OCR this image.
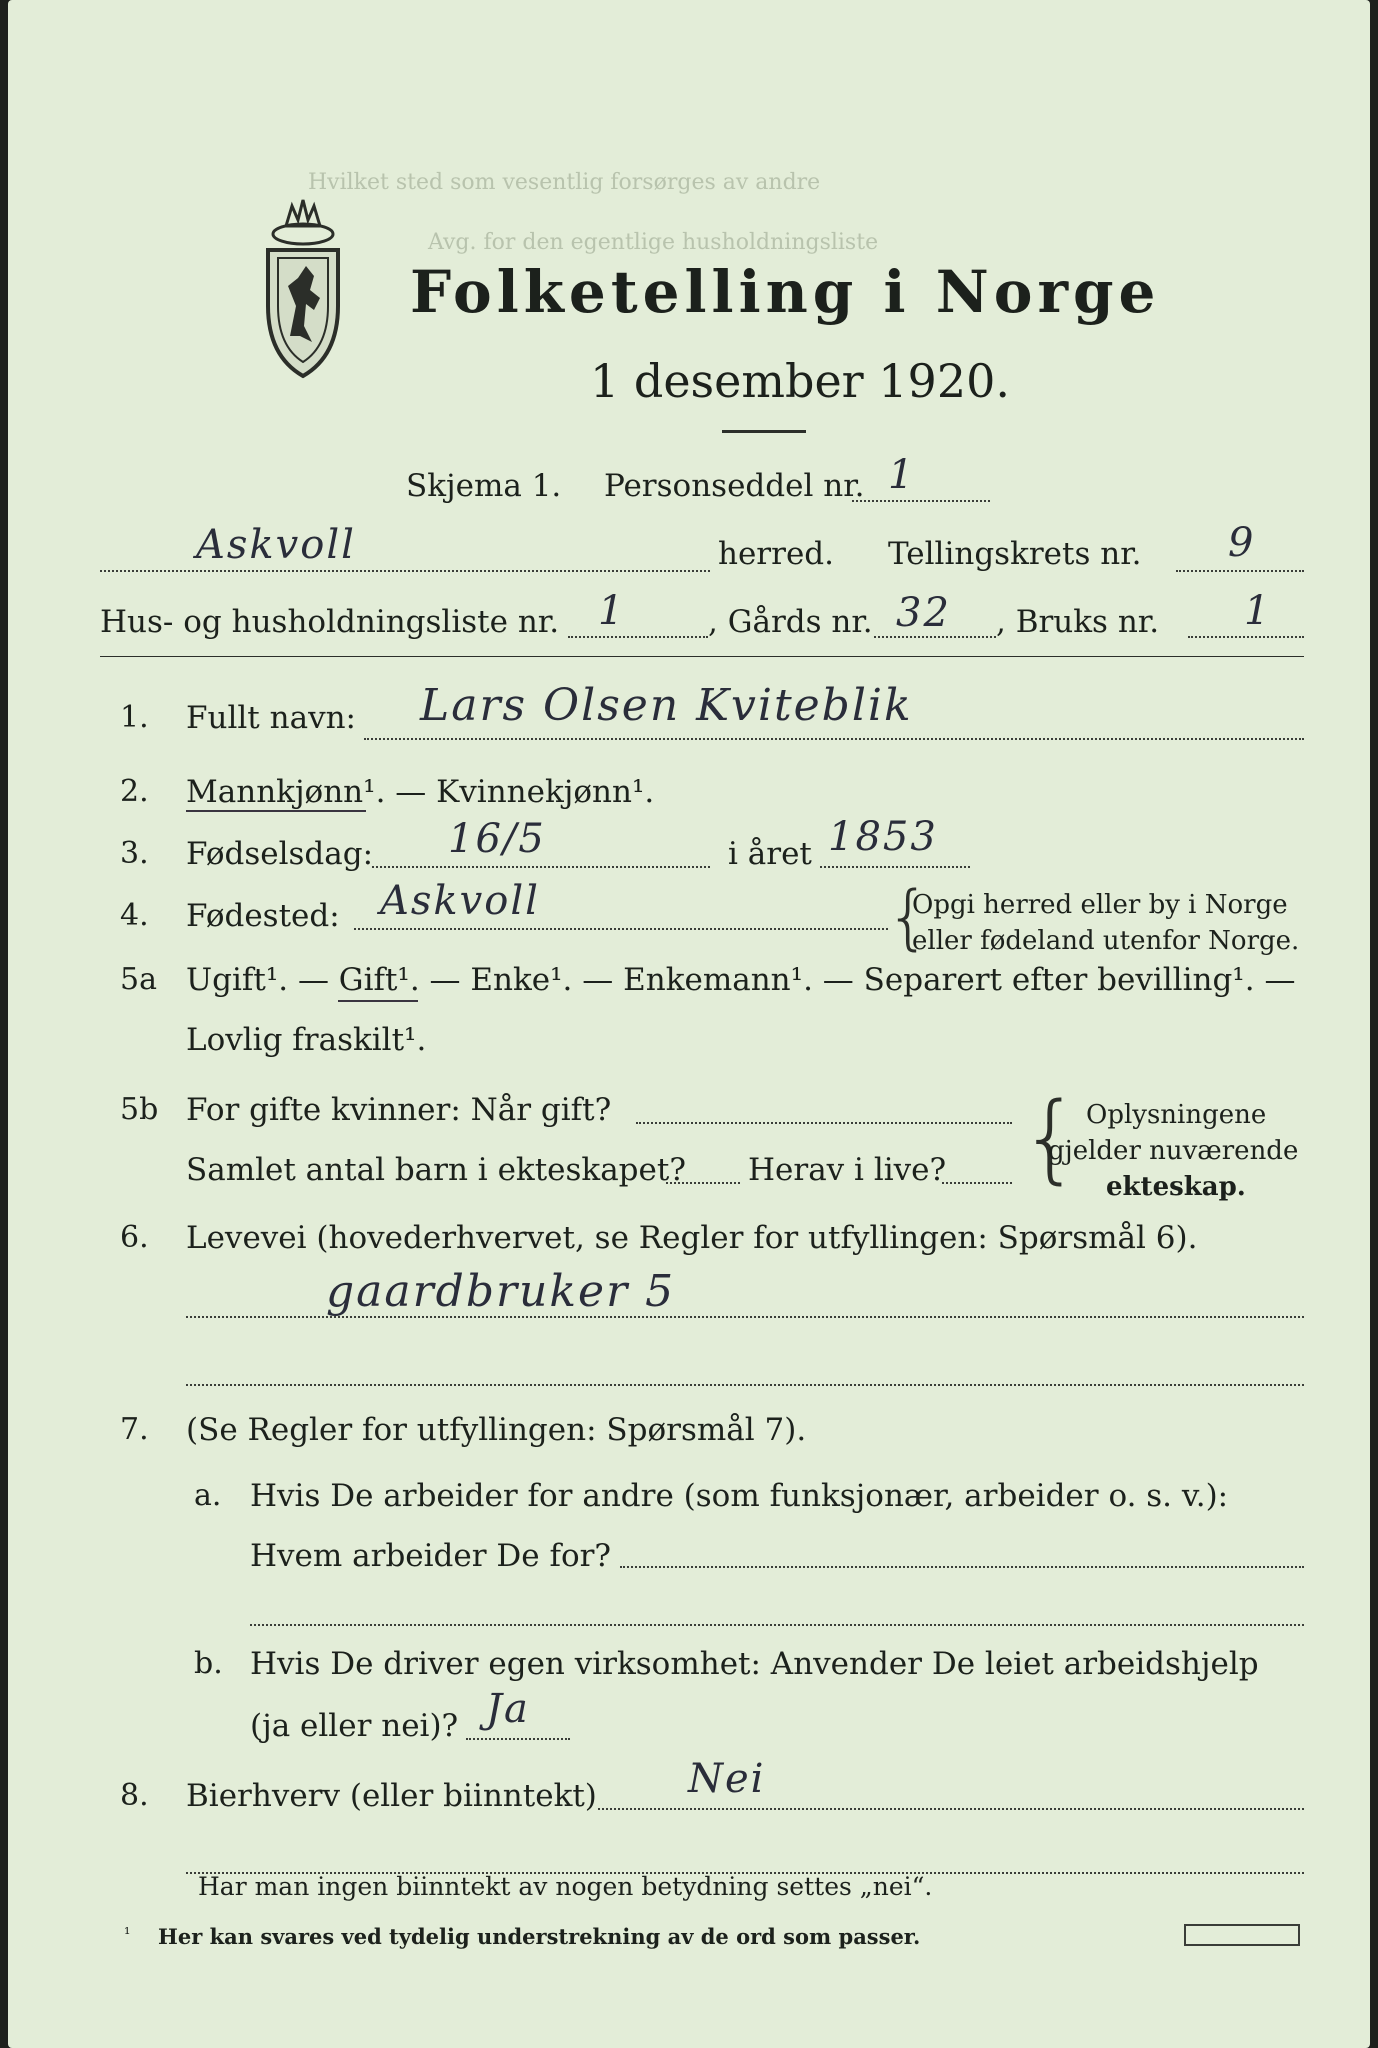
Hvilket sted som vesentlig forsørges av andre
Avg. for den egentlige husholdningsliste
Folketelling i Norge
1 desember 1920.
Skjema 1. Personseddel nr. 1
Askvoll	herred. Tellingskrets nr. 9
Hus- og husholdningsliste nr. 1	, Gårds nr. 32 , Bruks nr. 1
1. Fullt navn: Lars Olsen Kviteblik
2. Mannkjønn¹. — Kvinnekjønn¹.
3. Fødselsdag: 16/5	i året 1853
4. Fødested: Askvoll	{
Opgi herred eller by i Norge
eller fødeland utenfor Norge.
5a Ugift¹. — Gift¹. — Enke¹. — Enkemann¹. — Separert efter bevilling¹. —
Lovlig fraskilt¹.
5b For gifte kvinner: Når gift?
Samlet antal barn i ekteskapet? Herav i live? { Oplysningene
gjelder nuværende
ekteskap.
6. Levevei (hovederhvervet, se Regler for utfyllingen: Spørsmål 6).
gaardbruker 5
7. (Se Regler for utfyllingen: Spørsmål 7).
a. Hvis De arbeider for andre (som funksjonær, arbeider o. s. v.):
Hvem arbeider De for?
b. Hvis De driver egen virksomhet: Anvender De leiet arbeidshjelp
(ja eller nei)? Ja
8. Bierhverv (eller biinntekt) Nei
Har man ingen biinntekt av nogen betydning settes „nei“.
¹ Her kan svares ved tydelig understrekning av de ord som passer.
